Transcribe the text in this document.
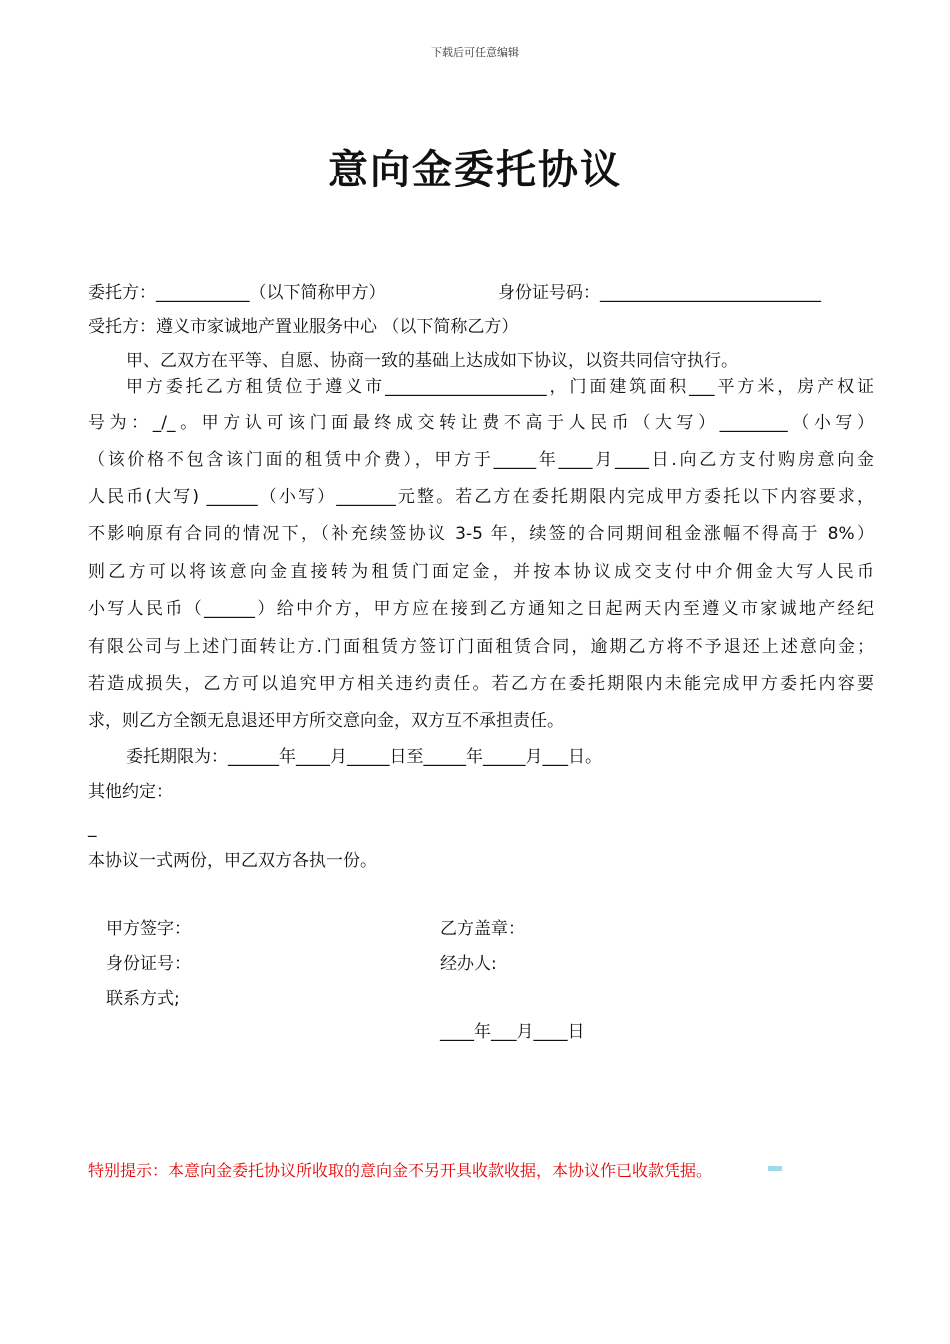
下载后可任意编辑
意向金委托协议
委托方：___________（以下简称甲方）	身份证号码：__________________________
受托方：遵义市家诚地产置业服务中心 （以下简称乙方）
甲、乙双方在平等、自愿、协商一致的基础上达成如下协议，以资共同信守执行。
甲方委托乙方租赁位于遵义市___________________，门面建筑面积___平方米，房产权证
号为：_/_。甲方认可该门面最终成交转让费不高于人民币（大写）________（小写）
（该价格不包含该门面的租赁中介费），甲方于_____年____月____日.向乙方支付购房意向金
人民币(大写) ______（小写）_______元整。若乙方在委托期限内完成甲方委托以下内容要求，
不影响原有合同的情况下，（补充续签协议 3-5 年，续签的合同期间租金涨幅不得高于 8%）
则乙方可以将该意向金直接转为租赁门面定金，并按本协议成交支付中介佣金大写人民币
小写人民币（______）给中介方，甲方应在接到乙方通知之日起两天内至遵义市家诚地产经纪
有限公司与上述门面转让方.门面租赁方签订门面租赁合同，逾期乙方将不予退还上述意向金；
若造成损失，乙方可以追究甲方相关违约责任。若乙方在委托期限内未能完成甲方委托内容要
求，则乙方全额无息退还甲方所交意向金，双方互不承担责任。
委托期限为：______年____月_____日至_____年_____月___日。
其他约定：
_
本协议一式两份，甲乙双方各执一份。
甲方签字：	乙方盖章：
身份证号：	经办人:
联系方式;
____年___月____日
特别提示：本意向金委托协议所收取的意向金不另开具收款收据，本协议作已收款凭据。
